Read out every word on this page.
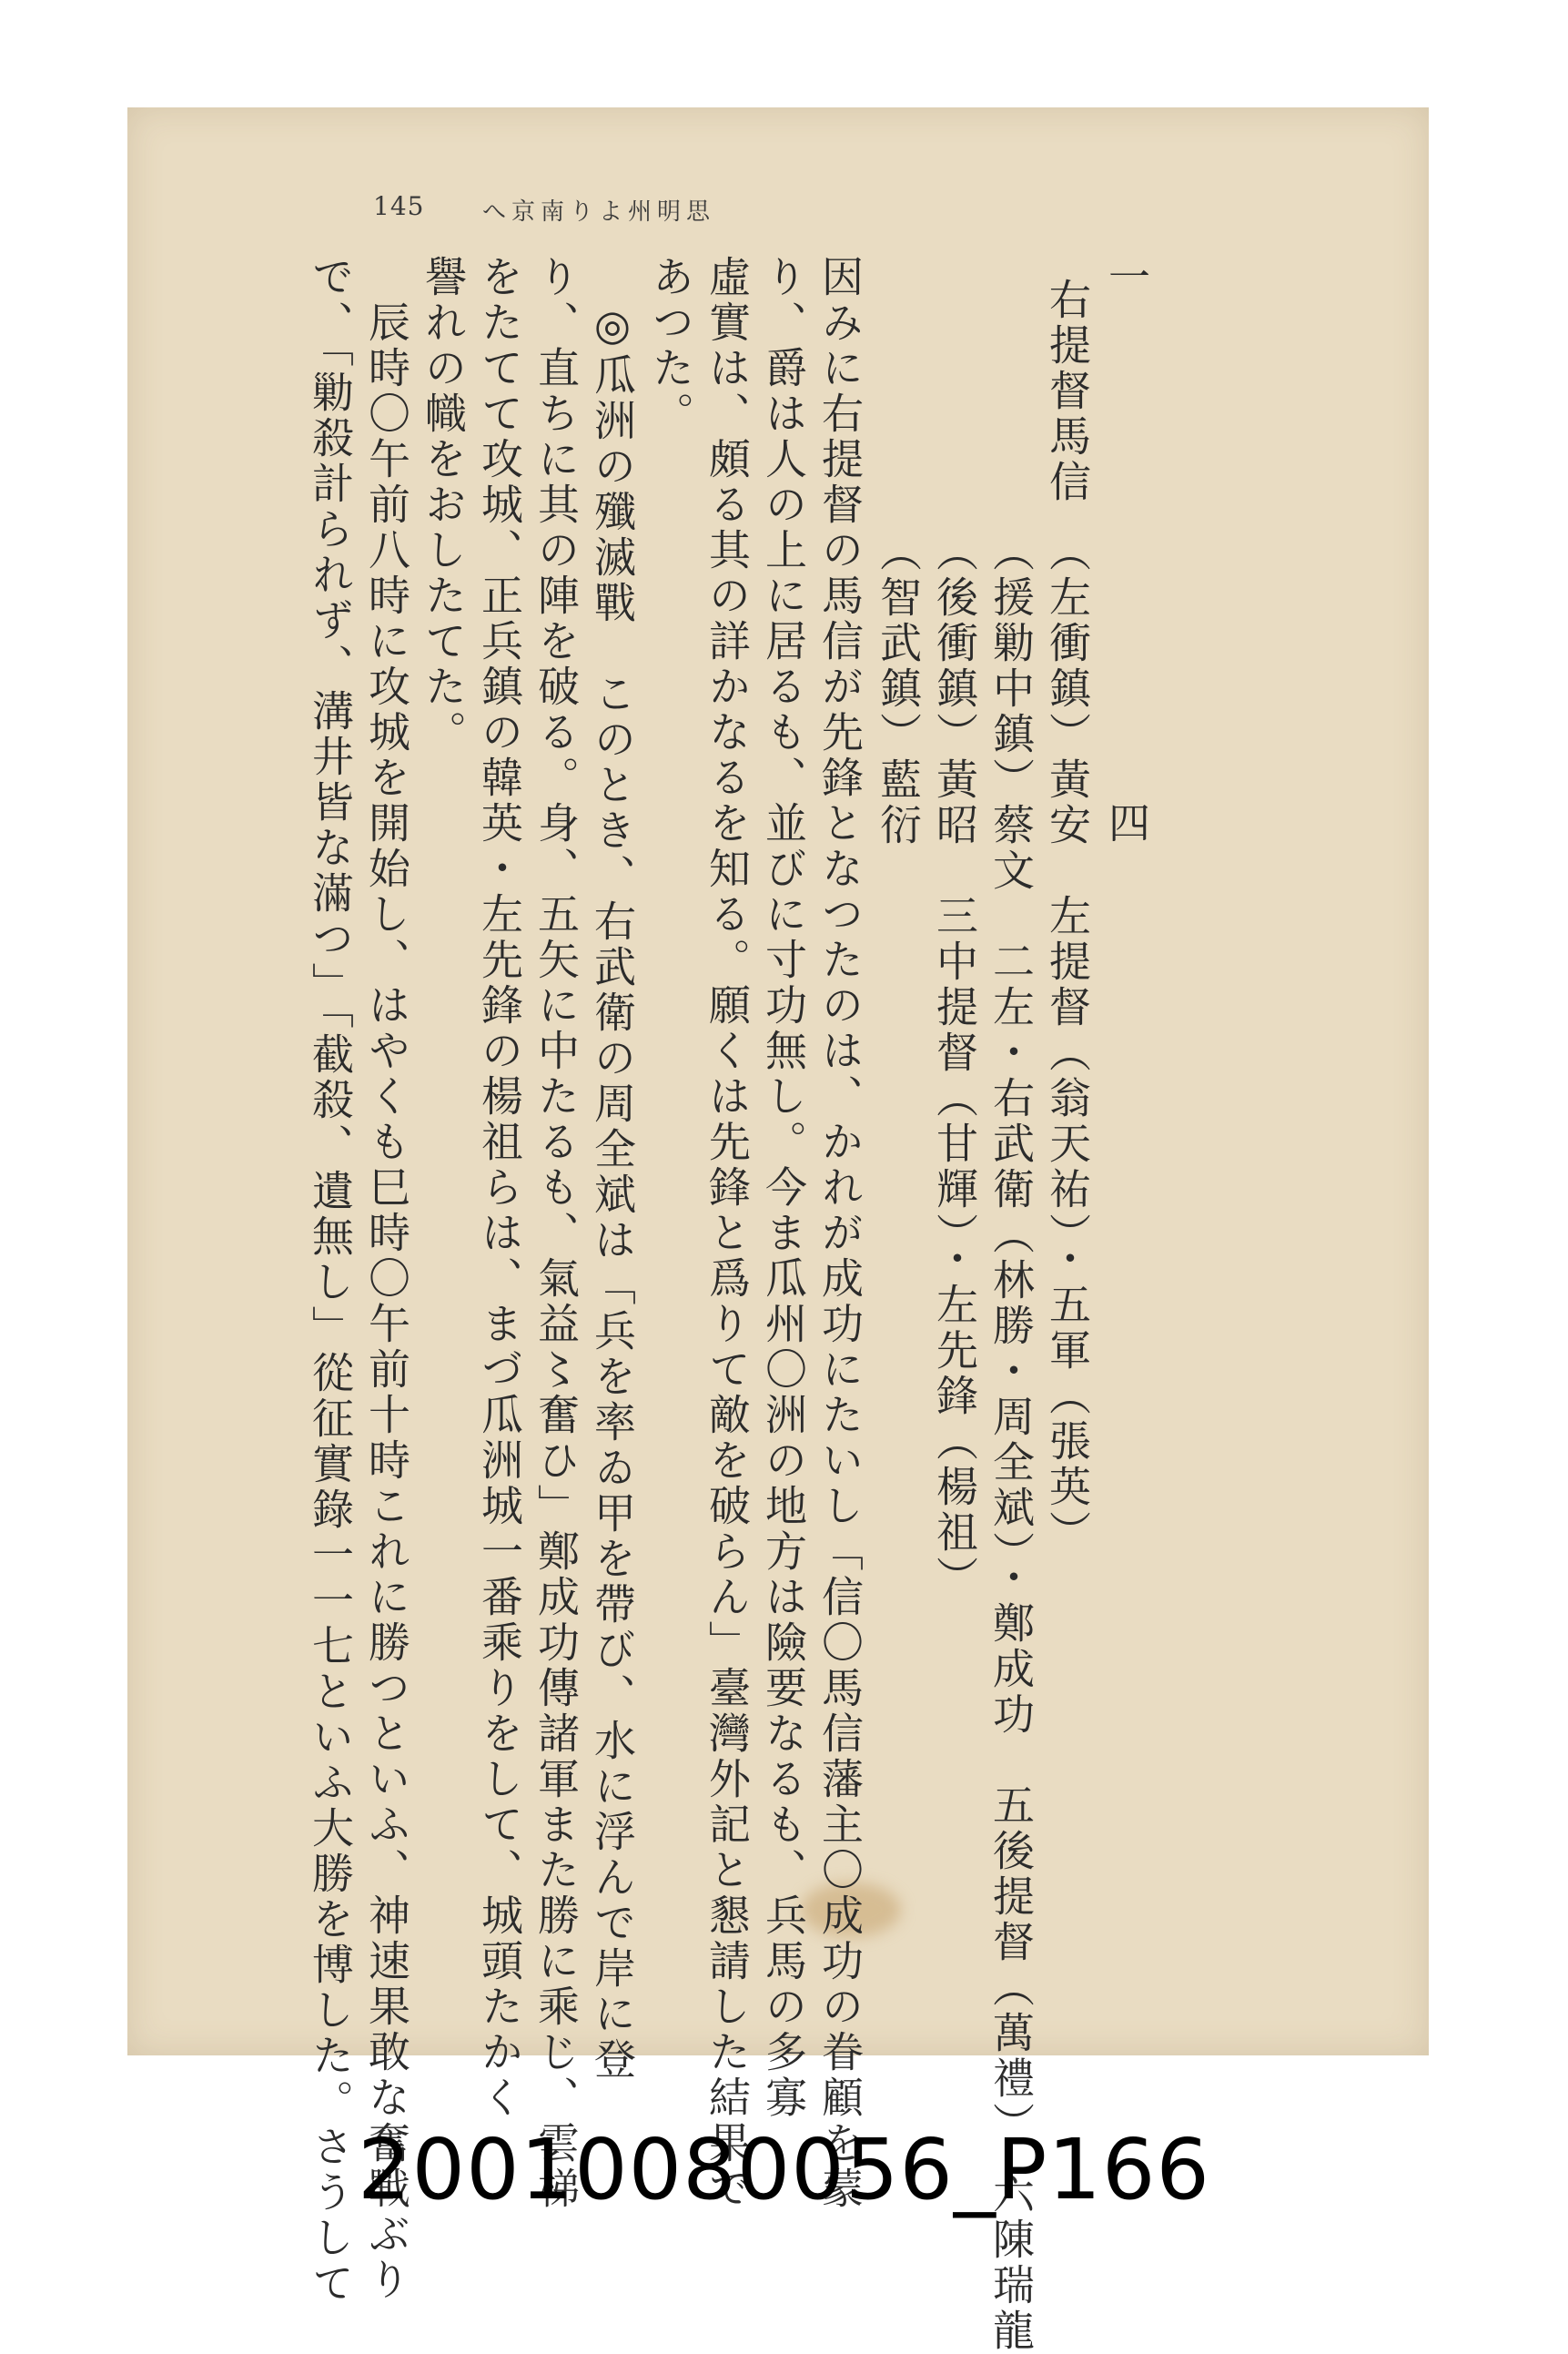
145 思明州より南京へ
一　　　　　　　　　　　四
右提督馬信　（左衝鎮）黃安　左提督（翁天祐）・五軍（張英）
　　　　　　（援勦中鎮）蔡文　二左・右武衛（林勝・周全斌）・鄭成功　五後提督（萬禮）　六陳瑞龍
　　　　　　（後衝鎮）黃昭　三中提督（甘輝）・左先鋒（楊祖）
　　　　　　（智武鎮）藍衍
因みに右提督の馬信が先鋒となつたのは、かれが成功にたいし「信〇馬信藩主〇成功の眷顧を蒙
り、爵は人の上に居るも、並びに寸功無し。今ま瓜州〇洲の地方は險要なるも、兵馬の多寡
虛實は、頗る其の詳かなるを知る。願くは先鋒と爲りて敵を破らん」臺灣外記と懇請した結果で
あつた。
◎瓜洲の殲滅戰　このとき、右武衛の周全斌は「兵を率ゐ甲を帶び、水に浮んで岸に登
り、直ちに其の陣を破る。身、五矢に中たるも、氣益〻奮ひ」鄭成功傳諸軍また勝に乘じ、雲梯
をたてて攻城、正兵鎮の韓英・左先鋒の楊祖らは、まづ瓜洲城一番乘りをして、城頭たかく
譽れの幟をおしたてた。
辰時〇午前八時に攻城を開始し、はやくも巳時〇午前十時これに勝つといふ、神速果敢な奮戰ぶり
で、「勦殺計られず、溝井皆な滿つ」「截殺、遺無し」從征實錄一一七といふ大勝を博した。さうして 20010080056_P166
